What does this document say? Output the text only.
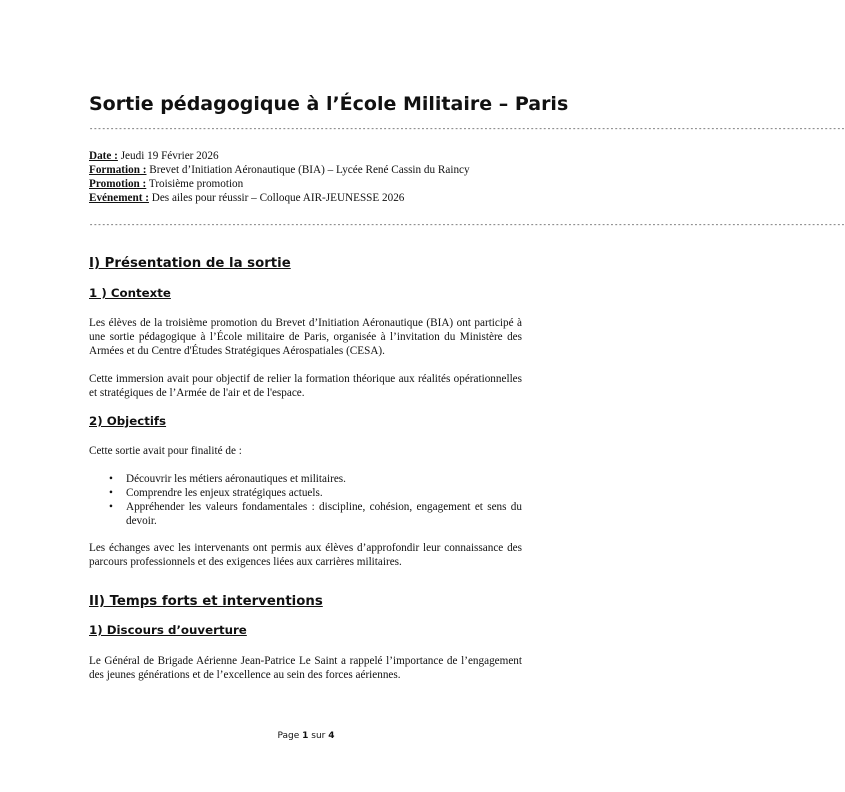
Sortie pédagogique à l’École Militaire – Paris
------------------------------------------------------------------------------------------------------------------------------------------------------------------------------------
Date : Jeudi 19 Février 2026
Formation : Brevet d’Initiation Aéronautique (BIA) – Lycée René Cassin du Raincy
Promotion : Troisième promotion
Evénement : Des ailes pour réussir – Colloque AIR-JEUNESSE 2026
------------------------------------------------------------------------------------------------------------------------------------------------------------------------------------
I) Présentation de la sortie
1 ) Contexte
Les élèves de la troisième promotion du Brevet d’Initiation Aéronautique (BIA) ont participé à une sortie pédagogique à l’École militaire de Paris, organisée à l’invitation du Ministère des Armées et du Centre d'Études Stratégiques Aérospatiales (CESA).
Cette immersion avait pour objectif de relier la formation théorique aux réalités opérationnelles et stratégiques de l’Armée de l'air et de l'espace.
2) Objectifs
Cette sortie avait pour finalité de :
• Découvrir les métiers aéronautiques et militaires.
• Comprendre les enjeux stratégiques actuels.
• Appréhender les valeurs fondamentales : discipline, cohésion, engagement et sens du devoir.
Les échanges avec les intervenants ont permis aux élèves d’approfondir leur connaissance des parcours professionnels et des exigences liées aux carrières militaires.
II) Temps forts et interventions
1) Discours d’ouverture
Le Général de Brigade Aérienne Jean-Patrice Le Saint a rappelé l’importance de l’engagement des jeunes générations et de l’excellence au sein des forces aériennes.
Page 1 sur 4
